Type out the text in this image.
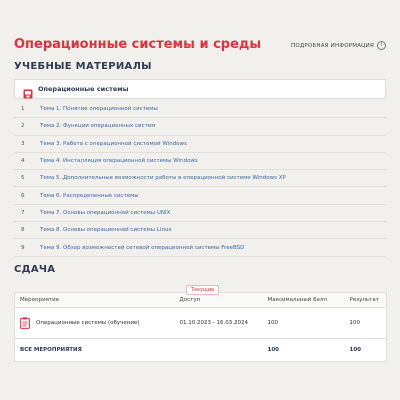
Операционные системы и среды	ПОДРОБНАЯ ИНФОРМАЦИЯ	i
УЧЕБНЫЕ МАТЕРИАЛЫ
Операционные системы
1	Тема 1. Понятие операционной системы
2	Тема 2. Функции операционных систем
3	Тема 3. Работа с операционной системой Windows
4	Тема 4. Инсталляция операционной системы Windows
5	Тема 5. Дополнительные возможности работы в операционной системе Windows XP
6	Тема 6. Распределенные системы
7	Тема 7. Основы операционной системы UNIX
8	Тема 8. Основы операционной системы Linux
9	Тема 9. Обзор возможностей сетевой операционной системы FreeBSD
СДАЧА
Текущие
Мероприятие	Доступ	Максимальный балл	Результат

Операционные системы (обучение)	01.10.2023 - 16.03.2024	100	100
ВСЕ МЕРОПРИЯТИЯ		100	100
